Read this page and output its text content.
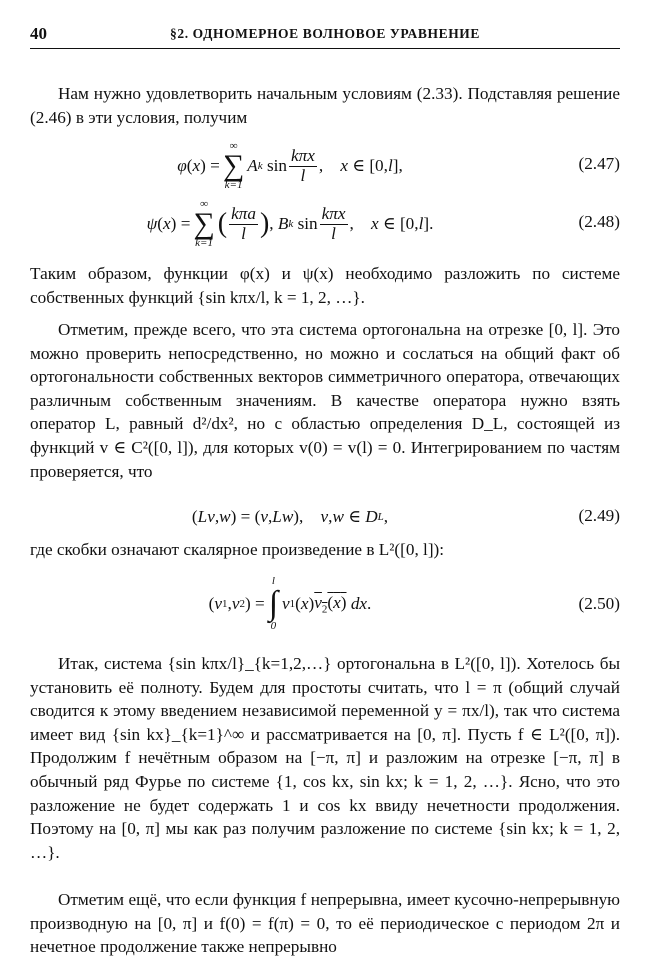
40	§2. ОДНОМЕРНОЕ ВОЛНОВОЕ УРАВНЕНИЕ

Нам нужно удовлетворить начальным условиям (2.33). Подставляя решение (2.46) в эти условия, получим

φ ( x ) =
∞
∑
k=1
A k $\sin \frac{\text{kπx}}{l}$ , x ∈ [0, l ],	(2.47)
ψ ( x ) =
∞
∑
k=1
( $\frac{\text{kπa}}{l}$ ) , B k $\sin \frac{\text{kπx}}{l}$ , x ∈ [0, l ].	(2.48)

Таким образом, функции φ(x) и ψ(x) необходимо разложить по системе собственных функций {sin kπx/l, k = 1, 2, …}.

Отметим, прежде всего, что эта система ортогональна на отрезке [0, l]. Это можно проверить непосредственно, но можно и сослаться на общий факт об ортогональности собственных векторов симметричного оператора, отвечающих различным собственным значениям. В качестве оператора нужно взять оператор L, равный d²/dx², но с областью определения D_L, состоящей из функций v ∈ C²([0, l]), для которых v(0) = v(l) = 0. Интегрированием по частям проверяется, что

( Lv , w ) = ( v , Lw ), v , w ∈ D L ,	(2.49)

где скобки означают скалярное произведение в L²([0, l]):

( v 1 , v 2 ) =
l
∫
0
v 1 ( x ) $v_2(x)$
dx .	(2.50)

Итак, система {sin kπx/l}_{k=1,2,…} ортогональна в L²([0, l]). Хотелось бы установить её полноту. Будем для простоты считать, что l = π (общий случай сводится к этому введением независимой переменной y = πx/l), так что система имеет вид {sin kx}_{k=1}^∞ и рассматривается на [0, π]. Пусть f ∈ L²([0, π]). Продолжим f нечётным образом на [−π, π] и разложим на отрезке [−π, π] в обычный ряд Фурье по системе {1, cos kx, sin kx; k = 1, 2, …}. Ясно, что это разложение не будет содержать 1 и cos kx ввиду нечетности продолжения. Поэтому на [0, π] мы как раз получим разложение по системе {sin kx; k = 1, 2, …}.

Отметим ещё, что если функция f непрерывна, имеет кусочно-непрерывную производную на [0, π] и f(0) = f(π) = 0, то её периодическое с периодом 2π и нечетное продолжение также непрерывно
